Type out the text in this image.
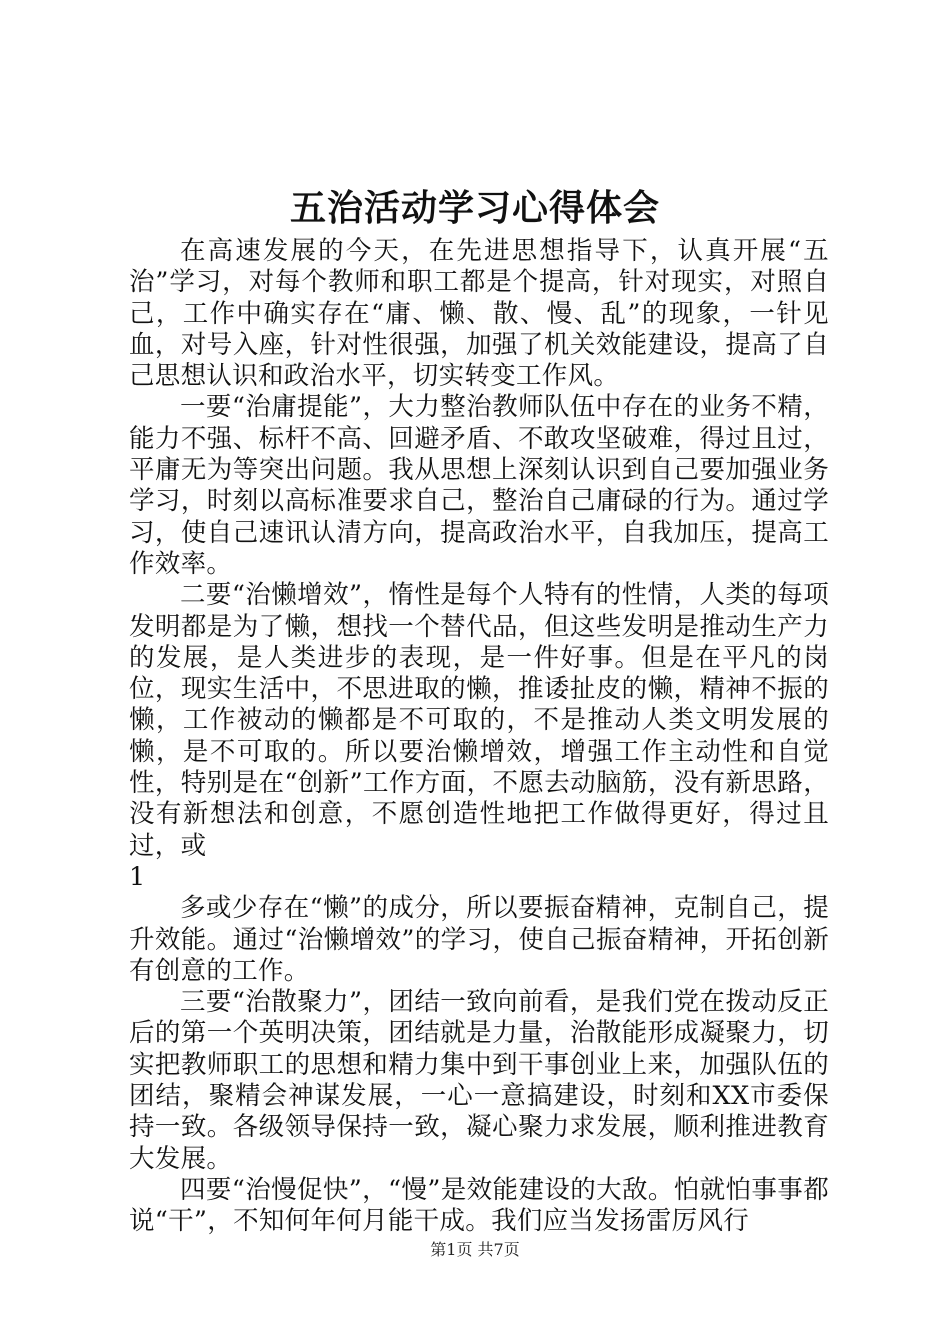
五治活动学习心得体会

在高速发展的今天，在先进思想指导下，认真开展“五治”学习，对每个教师和职工都是个提高，针对现实，对照自己，工作中确实存在“庸、懒、散、慢、乱”的现象，一针见血，对号入座，针对性很强，加强了机关效能建设，提高了自己思想认识和政治水平，切实转变工作风。

一要“治庸提能”，大力整治教师队伍中存在的业务不精，能力不强、标杆不高、回避矛盾、不敢攻坚破难，得过且过，平庸无为等突出问题。我从思想上深刻认识到自己要加强业务学习，时刻以高标准要求自己，整治自己庸碌的行为。通过学习，使自己速讯认清方向，提高政治水平，自我加压，提高工作效率。

二要“治懒增效”，惰性是每个人特有的性情，人类的每项发明都是为了懒，想找一个替代品，但这些发明是推动生产力的发展，是人类进步的表现，是一件好事。但是在平凡的岗位，现实生活中，不思进取的懒，推诿扯皮的懒，精神不振的懒，工作被动的懒都是不可取的，不是推动人类文明发展的懒，是不可取的。所以要治懒增效，增强工作主动性和自觉性，特别是在“创新”工作方面，不愿去动脑筋，没有新思路，没有新想法和创意，不愿创造性地把工作做得更好，得过且过，或

1

多或少存在“懒”的成分，所以要振奋精神，克制自己，提升效能。通过“治懒增效”的学习，使自己振奋精神，开拓创新有创意的工作。

三要“治散聚力”，团结一致向前看，是我们党在拨动反正后的第一个英明决策，团结就是力量，治散能形成凝聚力，切实把教师职工的思想和精力集中到干事创业上来，加强队伍的团结，聚精会神谋发展，一心一意搞建设，时刻和XX市委保持一致。各级领导保持一致，凝心聚力求发展，顺利推进教育大发展。

四要“治慢促快”，“慢”是效能建设的大敌。怕就怕事事都说“干”，不知何年何月能干成。我们应当发扬雷厉风行

第1页 共7页
